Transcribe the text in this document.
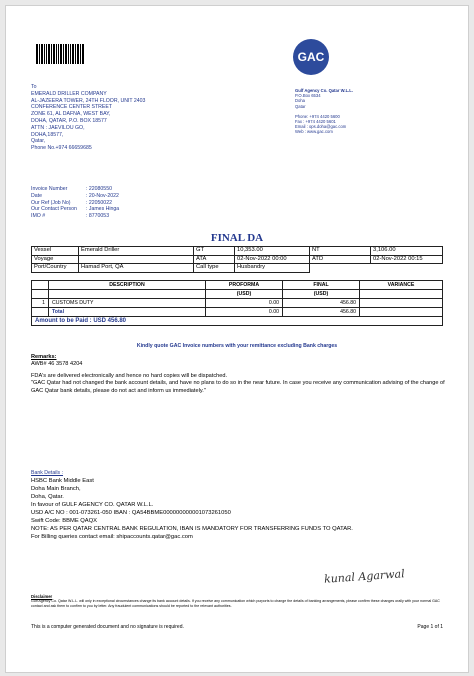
GAC
To
EMERALD DRILLER COMPANY
AL-JAZEERA TOWER, 24TH FLOOR, UNIT 2403
CONFERENCE CENTER STREET
ZONE 61, AL DAFNA, WEST BAY,
DOHA, QATAR, P.O. BOX 18577
ATTN : JAEVILOU GO,
DOHA,18577,
Qatar,
Phone No.+974 66659685
Gulf Agency Co. Qatar W.L.L.
P.O.Box 6534
Doha
Qatar
Phone: +974 4420 5600
Fax : +974 4420 5601
Email : ops.doha@gac.com
Web : www.gac.com
Invoice Number	: 22080550
Date	: 20-Nov-2022
Our Ref (Job No)	: 22050022
Our Contact Person	: James Hinga
IMO #	: 8770053
FINAL DA
Vessel	Emerald Driller	GT	10,353.00	NT	3,106.00
Voyage		ATA	02-Nov-2022 00:00	ATD	02-Nov-2022 00:15
Port/Country	Hamad Port, QA	Call type	Husbandry		
	DESCRIPTION	PROFORMA	FINAL	VARIANCE
		(USD)	(USD)	
1	CUSTOMS DUTY	0.00	456.80	
	Total	0.00	456.80	
Amount to be Paid : USD 456.80				
Kindly quote GAC Invoice numbers with your remittance excluding Bank charges
Remarks:
AWB# 46 3578 4204
FDA's are delivered electronically and hence no hard copies will be dispatched.
"GAC Qatar had not changed the bank account details, and have no plans to do so in the near future. In case you receive any communication advising of the change of GAC Qatar bank details, please do not act and inform us immediately."
Bank Details :
HSBC Bank Middle East
Doha Main Branch,
Doha, Qatar.
In favour of GULF AGENCY CO. QATAR W.L.L.
USD A/C NO : 001-073261-050 IBAN : QA54BBME000000000001073261050
Swift Code: BBME QAQX
NOTE: AS PER QATAR CENTRAL BANK REGULATION, IBAN IS MANDATORY FOR TRANSFERRING FUNDS TO QATAR.
For Billing queries contact email: shipaccounts.qatar@gac.com
kunal Agarwal
Disclaimer
Gulf Agency Co. Qatar W.L.L. will only in exceptional circumstances change its bank account details. If you receive any communication which purports to change the details of banking arrangements, please confirm these changes orally with your normal GAC contact and ask them to confirm to you by letter. Any fraudulent communications should be reported to the relevant authorities.
This is a computer generated document and no signature is required.	Page 1 of 1
